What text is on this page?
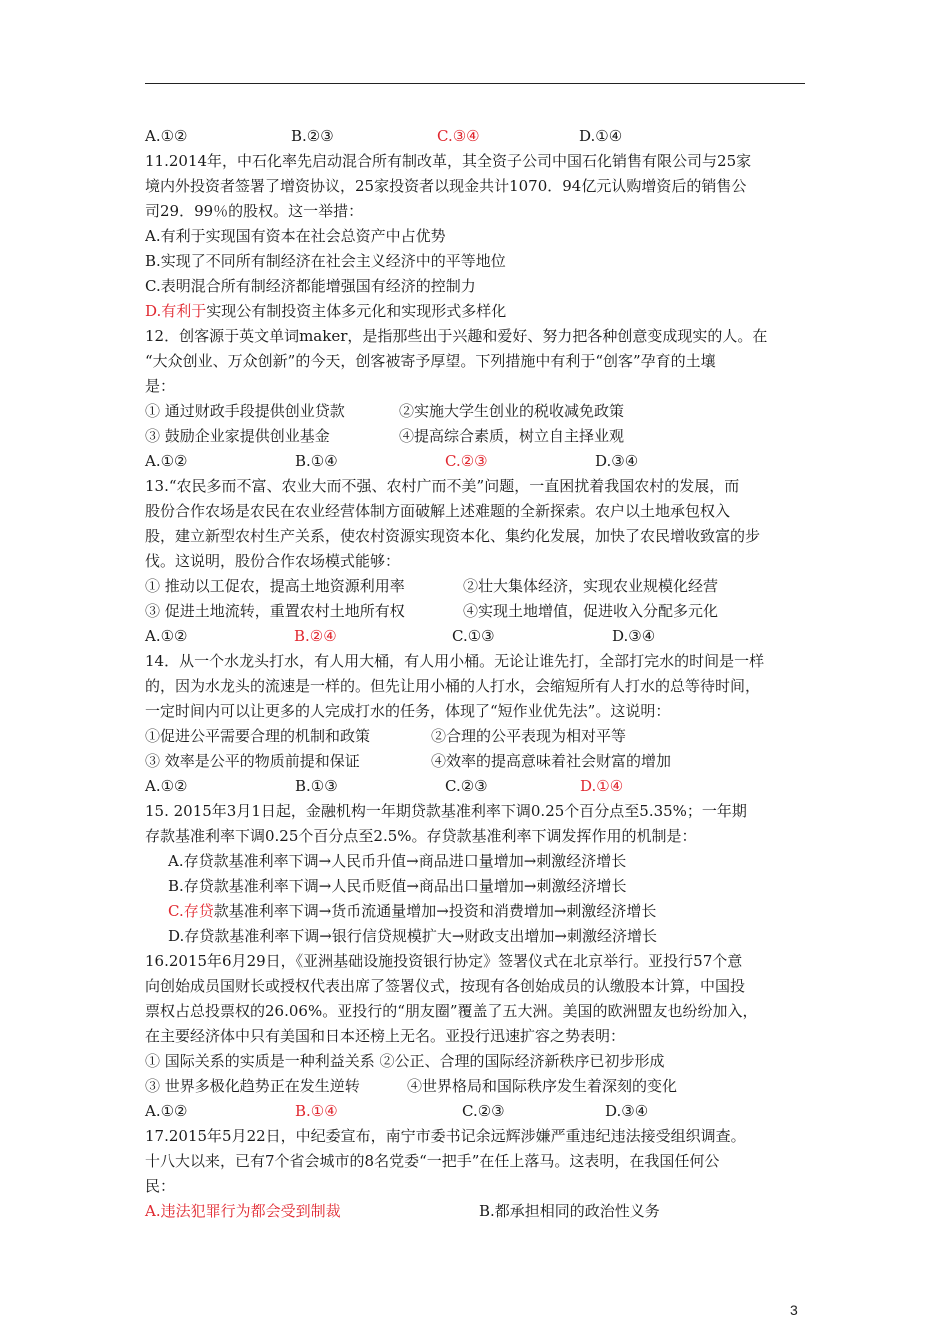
A.①②	B.②③	C.③④	D.①④
11.2014年，中石化率先启动混合所有制改革，其全资子公司中国石化销售有限公司与25家
境内外投资者签署了增资协议，25家投资者以现金共计1070．94亿元认购增资后的销售公
司29．99％的股权。这一举措：
A.有利于实现国有资本在社会总资产中占优势
B.实现了不同所有制经济在社会主义经济中的平等地位
C.表明混合所有制经济都能增强国有经济的控制力
D.有利于实现公有制投资主体多元化和实现形式多样化
12．创客源于英文单词maker，是指那些出于兴趣和爱好、努力把各种创意变成现实的人。在
“大众创业、万众创新”的今天，创客被寄予厚望。下列措施中有利于“创客”孕育的土壤
是：
① 通过财政手段提供创业贷款	②实施大学生创业的税收减免政策
③ 鼓励企业家提供创业基金	④提高综合素质，树立自主择业观
A.①②	B.①④	C.②③	D.③④
13.“农民多而不富、农业大而不强、农村广而不美”问题，一直困扰着我国农村的发展，而
股份合作农场是农民在农业经营体制方面破解上述难题的全新探索。农户以土地承包权入
股，建立新型农村生产关系，使农村资源实现资本化、集约化发展，加快了农民增收致富的步
伐。这说明，股份合作农场模式能够：
① 推动以工促农，提高土地资源利用率	②壮大集体经济，实现农业规模化经营
③ 促进土地流转，重置农村土地所有权	④实现土地增值，促进收入分配多元化
A.①②	B.②④	C.①③	D.③④
14．从一个水龙头打水，有人用大桶，有人用小桶。无论让谁先打，全部打完水的时间是一样
的，因为水龙头的流速是一样的。但先让用小桶的人打水，会缩短所有人打水的总等待时间，
一定时间内可以让更多的人完成打水的任务，体现了“短作业优先法”。这说明：
①促进公平需要合理的机制和政策	②合理的公平表现为相对平等
③ 效率是公平的物质前提和保证	④效率的提高意味着社会财富的增加
A.①②	B.①③	C.②③	D.①④
15. 2015年3月1日起，金融机构一年期贷款基准利率下调0.25个百分点至5.35%；一年期
存款基准利率下调0.25个百分点至2.5%。存贷款基准利率下调发挥作用的机制是：
A.存贷款基准利率下调→人民币升值→商品进口量增加→刺激经济增长
B.存贷款基准利率下调→人民币贬值→商品出口量增加→刺激经济增长
C.存贷款基准利率下调→货币流通量增加→投资和消费增加→刺激经济增长
D.存贷款基准利率下调→银行信贷规模扩大→财政支出增加→刺激经济增长
16.2015年6月29日，《亚洲基础设施投资银行协定》签署仪式在北京举行。亚投行57个意
向创始成员国财长或授权代表出席了签署仪式，按现有各创始成员的认缴股本计算，中国投
票权占总投票权的26.06%。亚投行的“朋友圈”覆盖了五大洲。美国的欧洲盟友也纷纷加入，
在主要经济体中只有美国和日本还榜上无名。亚投行迅速扩容之势表明：
① 国际关系的实质是一种利益关系 ②公正、合理的国际经济新秩序已初步形成
③ 世界多极化趋势正在发生逆转	④世界格局和国际秩序发生着深刻的变化
A.①②	B.①④	C.②③	D.③④
17.2015年5月22日，中纪委宣布，南宁市委书记余远辉涉嫌严重违纪违法接受组织调查。
十八大以来，已有7个省会城市的8名党委“一把手”在任上落马。这表明，在我国任何公
民：
A.违法犯罪行为都会受到制裁	B.都承担相同的政治性义务
3
